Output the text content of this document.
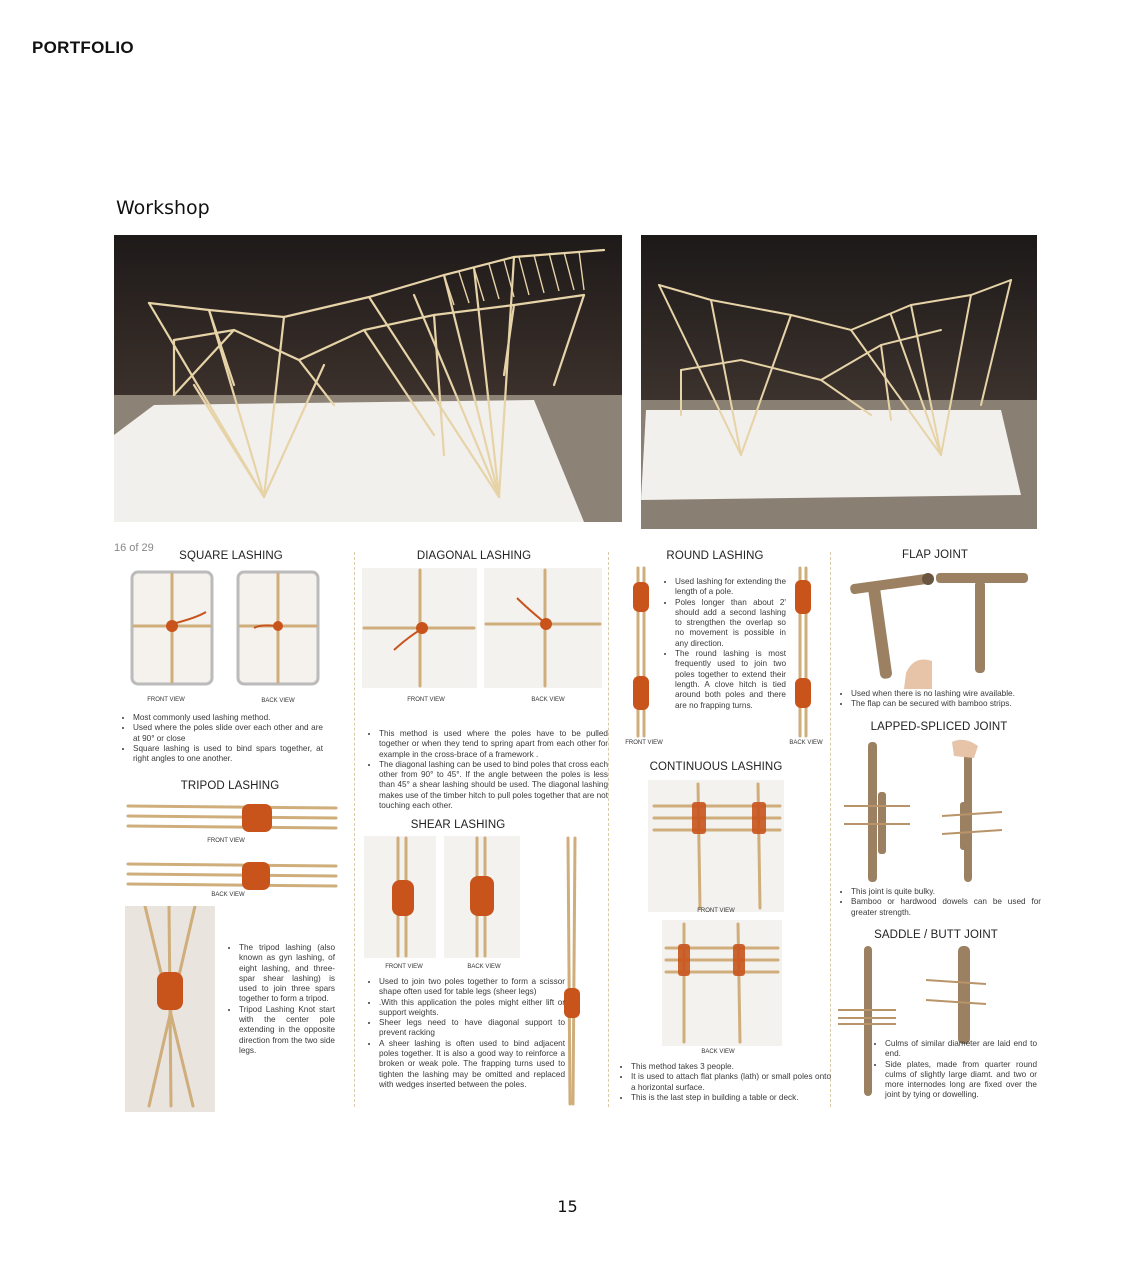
PORTFOLIO
Workshop
16 of 29
SQUARE LASHING
FRONT VIEW	BACK VIEW
• Most commonly used lashing method.
• Used where the poles slide over each other and are at 90° or close
• Square lashing is used to bind spars together, at right angles to one another.
TRIPOD LASHING
FRONT VIEW
BACK VIEW
• The tripod lashing (also known as gyn lashing, of eight lashing, and three-spar shear lashing) is used to join three spars together to form a tripod.
• Tripod Lashing Knot start with the center pole extending in the opposite direction from the two side legs.
DIAGONAL LASHING
FRONT VIEW	BACK VIEW
• This method is used where the poles have to be pulled together or when they tend to spring apart from each other for example in the cross-brace of a framework .
• The diagonal lashing can be used to bind poles that cross each other from 90° to 45°. If the angle between the poles is less than 45° a shear lashing should be used. The diagonal lashing makes use of the timber hitch to pull poles together that are not touching each other.
SHEAR LASHING
FRONT VIEW	BACK VIEW
• Used to join two poles together to form a scissor shape often used for table legs (sheer legs)
• .With this application the poles might either lift or support weights.
• Sheer legs need to have diagonal support to prevent racking
• A sheer lashing is often used to bind adjacent poles together. It is also a good way to reinforce a broken or weak pole. The frapping turns used to tighten the lashing may be omitted and replaced with wedges inserted between the poles.
ROUND LASHING
• Used lashing for extending the length of a pole.
• Poles longer than about 2' should add a second lashing to strengthen the overlap so no movement is possible in any direction.
• The round lashing is most frequently used to join two poles together to extend their length. A clove hitch is tied around both poles and there are no frapping turns.
FRONT VIEW	BACK VIEW
CONTINUOUS LASHING
FRONT VIEW
BACK VIEW
• This method takes 3 people.
• It is used to attach flat planks (lath) or small poles onto a horizontal surface.
• This is the last step in building a table or deck.
FLAP JOINT
• Used when there is no lashing wire available.
• The flap can be secured with bamboo strips.
LAPPED-SPLICED JOINT
• This joint is quite bulky.
• Bamboo or hardwood dowels can be used for greater strength.
SADDLE / BUTT JOINT
• Culms of similar diameter are laid end to end.
• Side plates, made from quarter round culms of slightly large diamt. and two or more internodes long are fixed over the joint by tying or dowelling.
15
